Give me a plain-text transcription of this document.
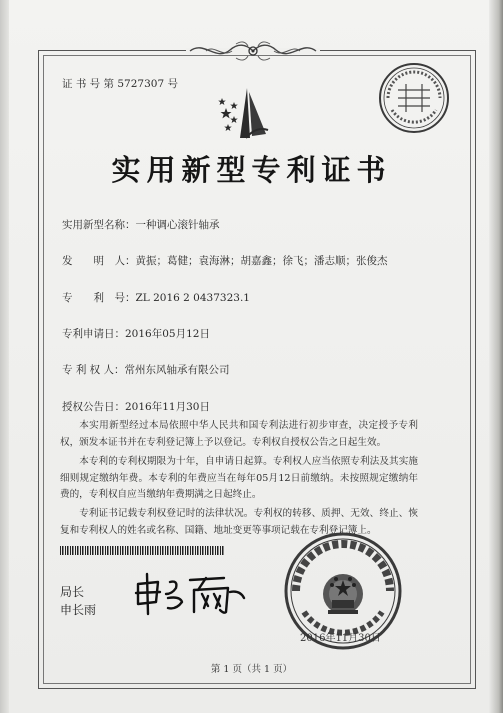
证 书 号 第 5727307 号
实用新型专利证书
实用新型名称：一种调心滚针轴承
发　　明　人：黄振；葛健；袁海淋；胡嘉鑫；徐飞；潘志顺；张俊杰
专　　利　号：ZL 2016 2 0437323.1
专利申请日：2016年05月12日
专 利 权 人：常州东风轴承有限公司
授权公告日：2016年11月30日
本实用新型经过本局依照中华人民共和国专利法进行初步审查，决定授予专利权，颁发本证书并在专利登记簿上予以登记。专利权自授权公告之日起生效。
本专利的专利权期限为十年，自申请日起算。专利权人应当依照专利法及其实施细则规定缴纳年费。本专利的年费应当在每年05月12日前缴纳。未按照规定缴纳年费的，专利权自应当缴纳年费期满之日起终止。
专利证书记载专利权登记时的法律状况。专利权的转移、质押、无效、终止、恢复和专利权人的姓名或名称、国籍、地址变更等事项记载在专利登记簿上。
局长
申长雨
2016年11月30日
第 1 页（共 1 页）
